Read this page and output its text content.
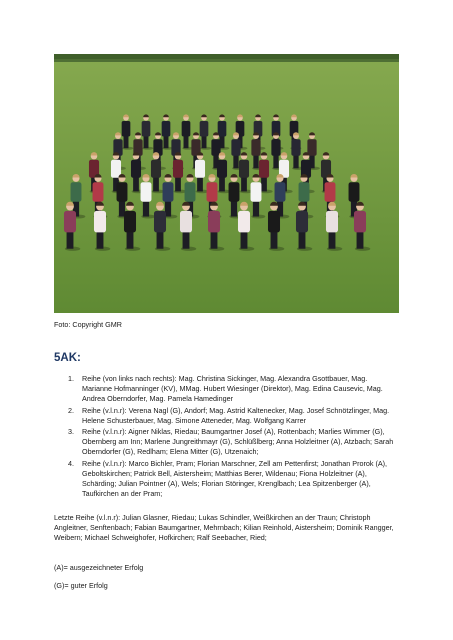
Foto: Copyright GMR
5AK:
1. Reihe (von links nach rechts): Mag. Christina Sickinger, Mag. Alexandra Gsottbauer, Mag. Marianne Hofmanninger (KV), MMag. Hubert Wiesinger (Direktor), Mag. Edina Causevic, Mag. Andrea Oberndorfer, Mag. Pamela Hamedinger
2. Reihe (v.l.n.r): Verena Nagl (G), Andorf; Mag. Astrid Kaltenecker, Mag. Josef Schnötzlinger, Mag. Helene Schusterbauer, Mag. Simone Atteneder, Mag. Wolfgang Karrer
3. Reihe (v.l.n.r): Aigner Niklas, Riedau; Baumgartner Josef (A), Rottenbach; Marlies Wimmer (G), Obernberg am Inn; Marlene Jungreithmayr (G), Schlüßlberg; Anna Holzleitner (A), Atzbach; Sarah Oberndorfer (G), Redlham; Elena Mitter (G), Utzenaich;
4. Reihe (v.l.n.r): Marco Bichler, Pram; Florian Marschner, Zell am Pettenfirst; Jonathan Prorok (A), Geboltskirchen; Patrick Bell, Aistersheim; Matthias Berer, Wildenau; Fiona Holzleitner (A), Schärding; Julian Pointner (A), Wels; Florian Störinger, Krenglbach; Lea Spitzenberger (A), Taufkirchen an der Pram;

Letzte Reihe (v.l.n.r): Julian Glasner, Riedau; Lukas Schindler, Weißkirchen an der Traun; Christoph Angleitner, Senftenbach; Fabian Baumgartner, Mehrnbach; Kilian Reinhold, Aistersheim; Dominik Rangger, Weibern; Michael Schweighofer, Hofkirchen; Ralf Seebacher, Ried;

(A)= ausgezeichneter Erfolg

(G)= guter Erfolg
